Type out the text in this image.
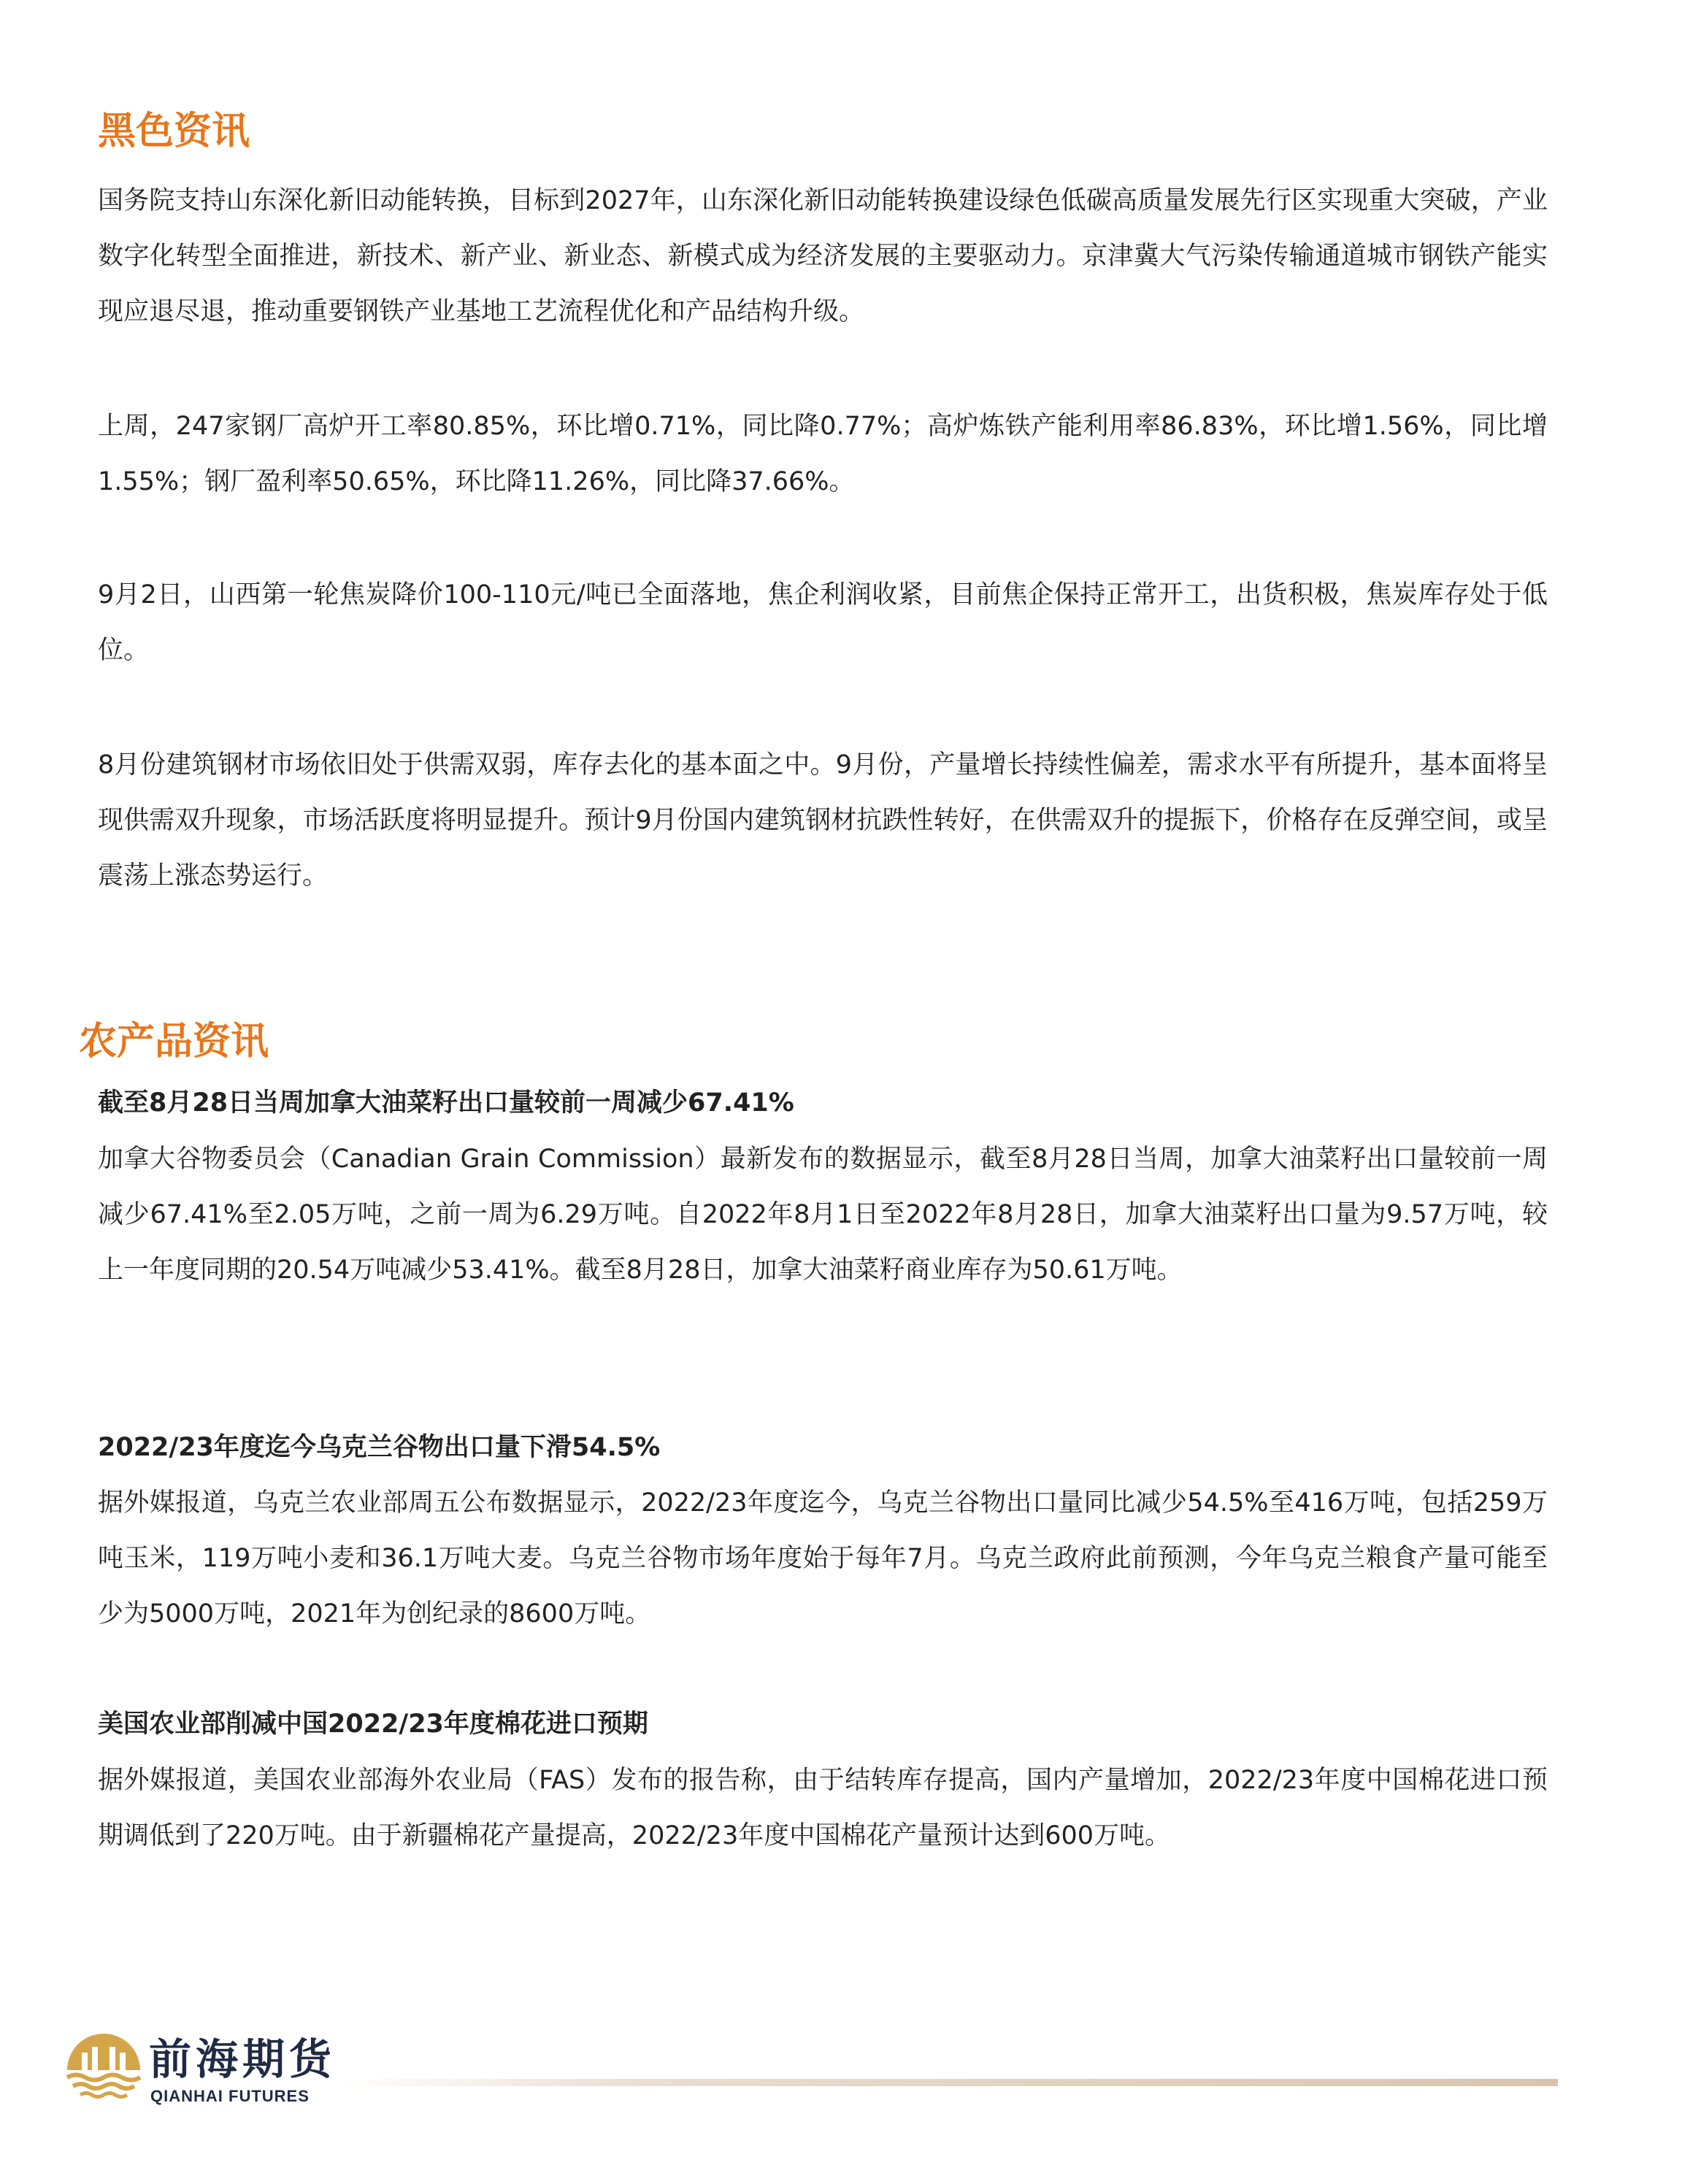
黑色资讯

国务院支持山东深化新旧动能转换，目标到2027年，山东深化新旧动能转换建设绿色低碳高质量发展先行区实现重大突破，产业数字化转型全面推进，新技术、新产业、新业态、新模式成为经济发展的主要驱动力。京津冀大气污染传输通道城市钢铁产能实现应退尽退，推动重要钢铁产业基地工艺流程优化和产品结构升级。

上周，247家钢厂高炉开工率80.85%，环比增0.71%，同比降0.77%；高炉炼铁产能利用率86.83%，环比增1.56%，同比增1.55%；钢厂盈利率50.65%，环比降11.26%，同比降37.66%。

9月2日，山西第一轮焦炭降价100-110元/吨已全面落地，焦企利润收紧，目前焦企保持正常开工，出货积极，焦炭库存处于低位。

8月份建筑钢材市场依旧处于供需双弱，库存去化的基本面之中。9月份，产量增长持续性偏差，需求水平有所提升，基本面将呈现供需双升现象，市场活跃度将明显提升。预计9月份国内建筑钢材抗跌性转好，在供需双升的提振下，价格存在反弹空间，或呈震荡上涨态势运行。

农产品资讯
截至8月28日当周加拿大油菜籽出口量较前一周减少67.41%

加拿大谷物委员会（Canadian Grain Commission）最新发布的数据显示，截至8月28日当周，加拿大油菜籽出口量较前一周减少67.41%至2.05万吨，之前一周为6.29万吨。自2022年8月1日至2022年8月28日，加拿大油菜籽出口量为9.57万吨，较上一年度同期的20.54万吨减少53.41%。截至8月28日，加拿大油菜籽商业库存为50.61万吨。

2022/23年度迄今乌克兰谷物出口量下滑54.5%

据外媒报道，乌克兰农业部周五公布数据显示，2022/23年度迄今，乌克兰谷物出口量同比减少54.5%至416万吨，包括259万吨玉米，119万吨小麦和36.1万吨大麦。乌克兰谷物市场年度始于每年7月。乌克兰政府此前预测，今年乌克兰粮食产量可能至少为5000万吨，2021年为创纪录的8600万吨。

美国农业部削减中国2022/23年度棉花进口预期

据外媒报道，美国农业部海外农业局（FAS）发布的报告称，由于结转库存提高，国内产量增加，2022/23年度中国棉花进口预期调低到了220万吨。由于新疆棉花产量提高，2022/23年度中国棉花产量预计达到600万吨。

前海期货
QIANHAI FUTURES
